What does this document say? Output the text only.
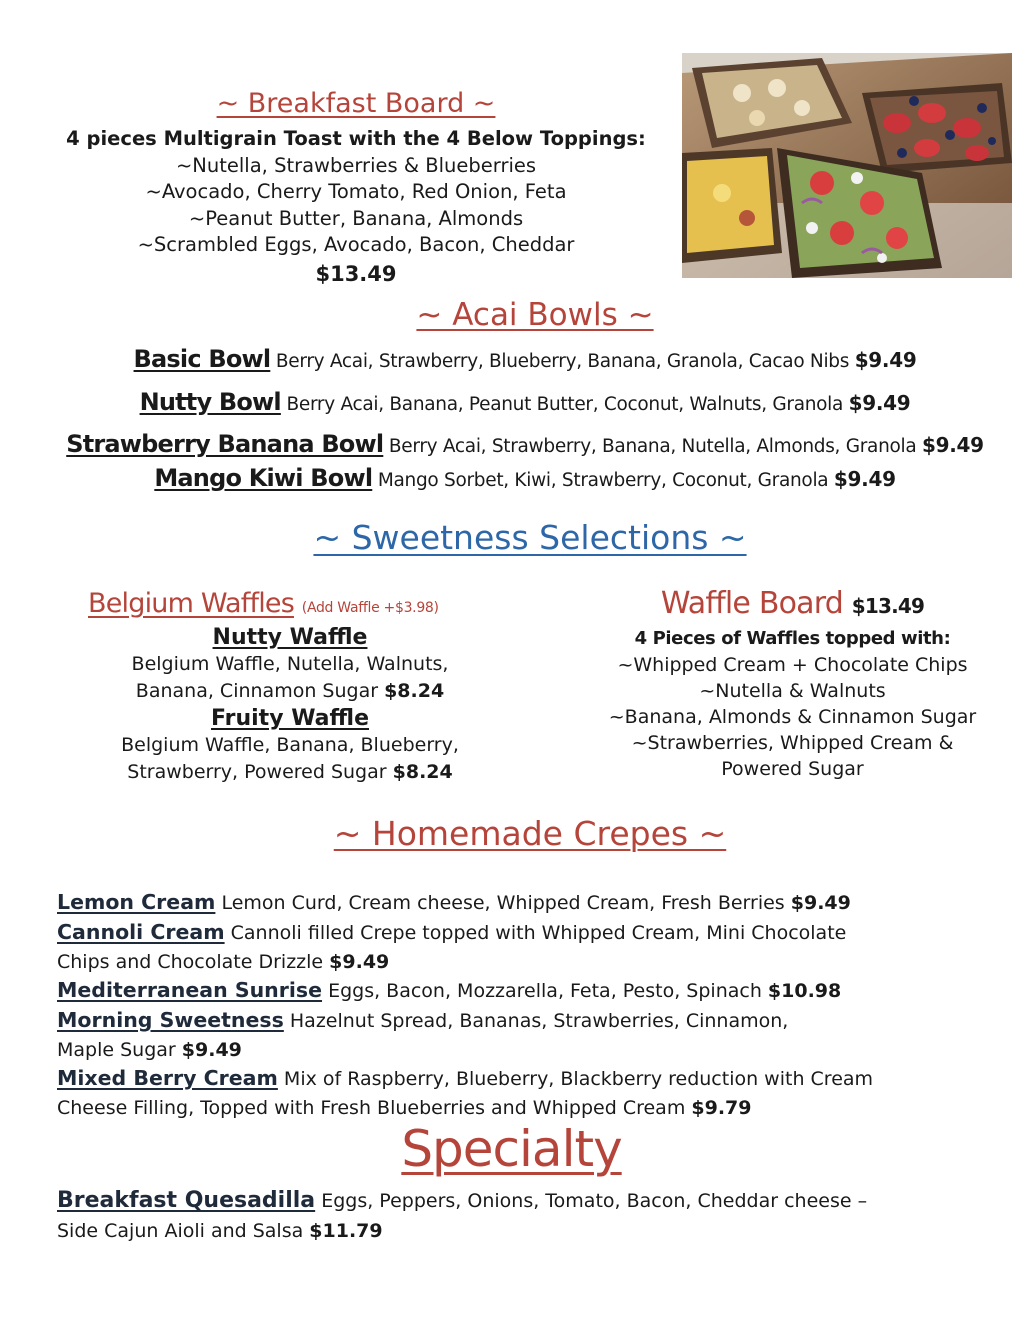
~ Breakfast Board ~
4 pieces Multigrain Toast with the 4 Below Toppings:
~Nutella, Strawberries & Blueberries
~Avocado, Cherry Tomato, Red Onion, Feta
~Peanut Butter, Banana, Almonds
~Scrambled Eggs, Avocado, Bacon, Cheddar
$13.49
~ Acai Bowls ~
Basic Bowl Berry Acai, Strawberry, Blueberry, Banana, Granola, Cacao Nibs $9.49
Nutty Bowl Berry Acai, Banana, Peanut Butter, Coconut, Walnuts, Granola $9.49
Strawberry Banana Bowl Berry Acai, Strawberry, Banana, Nutella, Almonds, Granola $9.49
Mango Kiwi Bowl Mango Sorbet, Kiwi, Strawberry, Coconut, Granola $9.49
~ Sweetness Selections ~
Belgium Waffles (Add Waffle +$3.98)
Nutty Waffle
Belgium Waffle, Nutella, Walnuts,
Banana, Cinnamon Sugar $8.24
Fruity Waffle
Belgium Waffle, Banana, Blueberry,
Strawberry, Powered Sugar $8.24
Waffle Board $13.49
4 Pieces of Waffles topped with:
~Whipped Cream + Chocolate Chips
~Nutella & Walnuts
~Banana, Almonds & Cinnamon Sugar
~Strawberries, Whipped Cream &
Powered Sugar
~ Homemade Crepes ~
Lemon Cream Lemon Curd, Cream cheese, Whipped Cream, Fresh Berries $9.49
Cannoli Cream Cannoli filled Crepe topped with Whipped Cream, Mini Chocolate
Chips and Chocolate Drizzle $9.49
Mediterranean Sunrise Eggs, Bacon, Mozzarella, Feta, Pesto, Spinach $10.98
Morning Sweetness Hazelnut Spread, Bananas, Strawberries, Cinnamon,
Maple Sugar $9.49
Mixed Berry Cream Mix of Raspberry, Blueberry, Blackberry reduction with Cream
Cheese Filling, Topped with Fresh Blueberries and Whipped Cream $9.79
Specialty
Breakfast Quesadilla Eggs, Peppers, Onions, Tomato, Bacon, Cheddar cheese –
Side Cajun Aioli and Salsa $11.79
